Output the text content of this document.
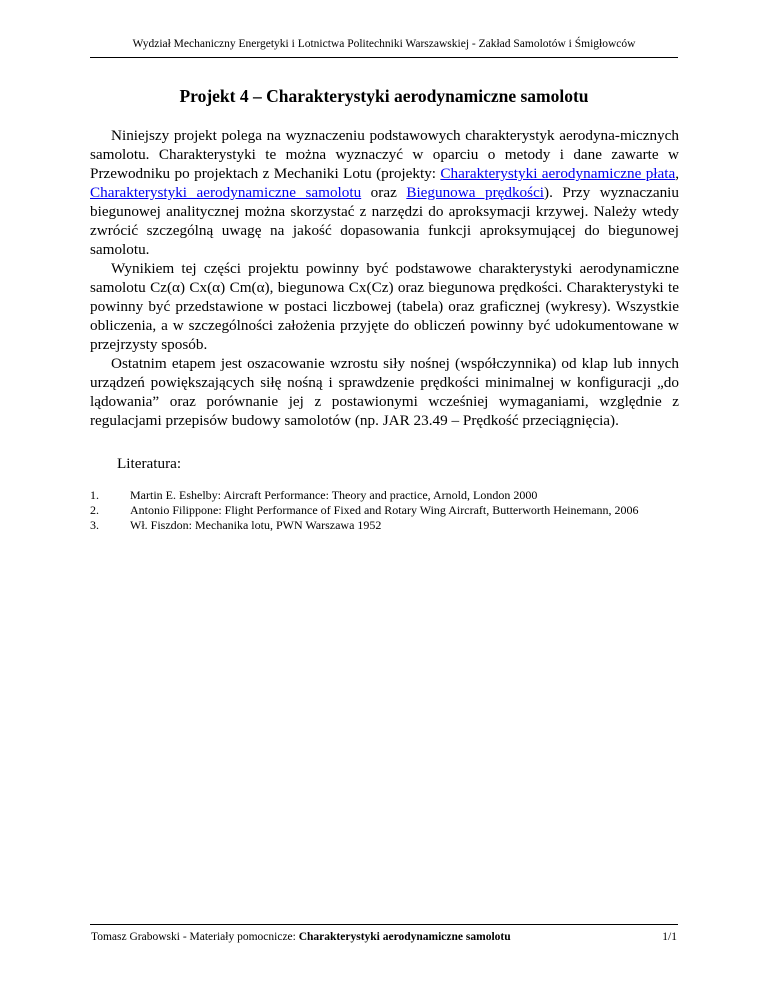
Wydział Mechaniczny Energetyki i Lotnictwa Politechniki Warszawskiej - Zakład Samolotów i Śmigłowców
Projekt 4 – Charakterystyki aerodynamiczne samolotu

Niniejszy projekt polega na wyznaczeniu podstawowych charakterystyk aerodyna-micznych samolotu. Charakterystyki te można wyznaczyć w oparciu o metody i dane zawarte w Przewodniku po projektach z Mechaniki Lotu (projekty: Charakterystyki aerodynamiczne płata, Charakterystyki aerodynamiczne samolotu oraz Biegunowa prędkości). Przy wyznaczaniu biegunowej analitycznej można skorzystać z narzędzi do aproksymacji krzywej. Należy wtedy zwrócić szczególną uwagę na jakość dopasowania funkcji aproksymującej do biegunowej samolotu.

Wynikiem tej części projektu powinny być podstawowe charakterystyki aerodynamiczne samolotu Cz(α) Cx(α) Cm(α), biegunowa Cx(Cz) oraz biegunowa prędkości. Charakterystyki te powinny być przedstawione w postaci liczbowej (tabela) oraz graficznej (wykresy). Wszystkie obliczenia, a w szczególności założenia przyjęte do obliczeń powinny być udokumentowane w przejrzysty sposób.

Ostatnim etapem jest oszacowanie wzrostu siły nośnej (współczynnika) od klap lub innych urządzeń powiększających siłę nośną i sprawdzenie prędkości minimalnej w konfiguracji „do lądowania” oraz porównanie jej z postawionymi wcześniej wymaganiami, względnie z regulacjami przepisów budowy samolotów (np. JAR 23.49 – Prędkość przeciągnięcia).

Literatura:
1.	Martin E. Eshelby: Aircraft Performance: Theory and practice, Arnold, London 2000
2.	Antonio Filippone: Flight Performance of Fixed and Rotary Wing Aircraft, Butterworth Heinemann, 2006
3.	Wł. Fiszdon: Mechanika lotu, PWN Warszawa 1952
Tomasz Grabowski - Materiały pomocnicze: Charakterystyki aerodynamiczne samolotu	1/1
